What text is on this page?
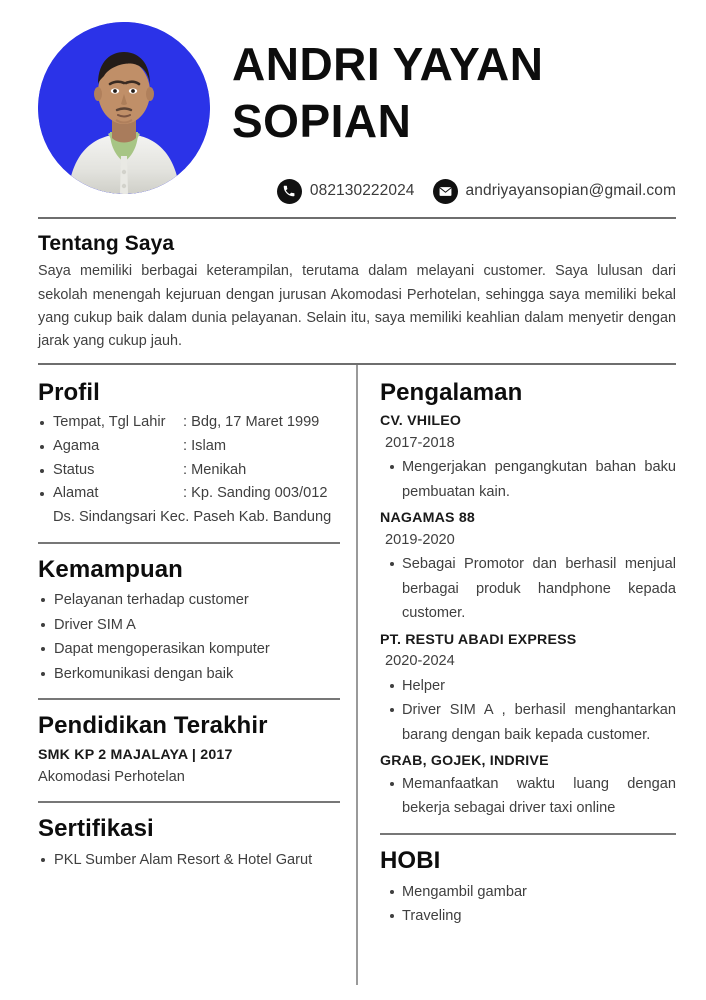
ANDRI YAYAN
SOPIAN
082130222024	andriyayansopian@gmail.com
Tentang Saya

Saya memiliki berbagai keterampilan, terutama dalam melayani customer. Saya lulusan dari sekolah menengah kejuruan dengan jurusan Akomodasi Perhotelan, sehingga saya memiliki bekal yang cukup baik dalam dunia pelayanan. Selain itu, saya memiliki keahlian dalam menyetir dengan jarak yang cukup jauh.

Profil
Tempat, Tgl Lahir	: Bdg, 17 Maret 1999
Agama	: Islam
Status	: Menikah
Alamat	: Kp. Sanding 003/012
Ds. Sindangsari Kec. Paseh Kab. Bandung
Kemampuan
Pelayanan terhadap customer
Driver SIM A
Dapat mengoperasikan komputer
Berkomunikasi dengan baik
Pendidikan Terakhir
SMK KP 2 MAJALAYA | 2017
Akomodasi Perhotelan
Sertifikasi
PKL Sumber Alam Resort & Hotel Garut
Pengalaman
CV. VHILEO
2017-2018
Mengerjakan pengangkutan bahan baku pembuatan kain.
NAGAMAS 88
2019-2020
Sebagai Promotor dan berhasil menjual berbagai produk handphone kepada customer.
PT. RESTU ABADI EXPRESS
2020-2024
Helper
Driver SIM A , berhasil menghantarkan barang dengan baik kepada customer.
GRAB, GOJEK, INDRIVE
Memanfaatkan waktu luang dengan bekerja sebagai driver taxi online
HOBI
Mengambil gambar
Traveling
